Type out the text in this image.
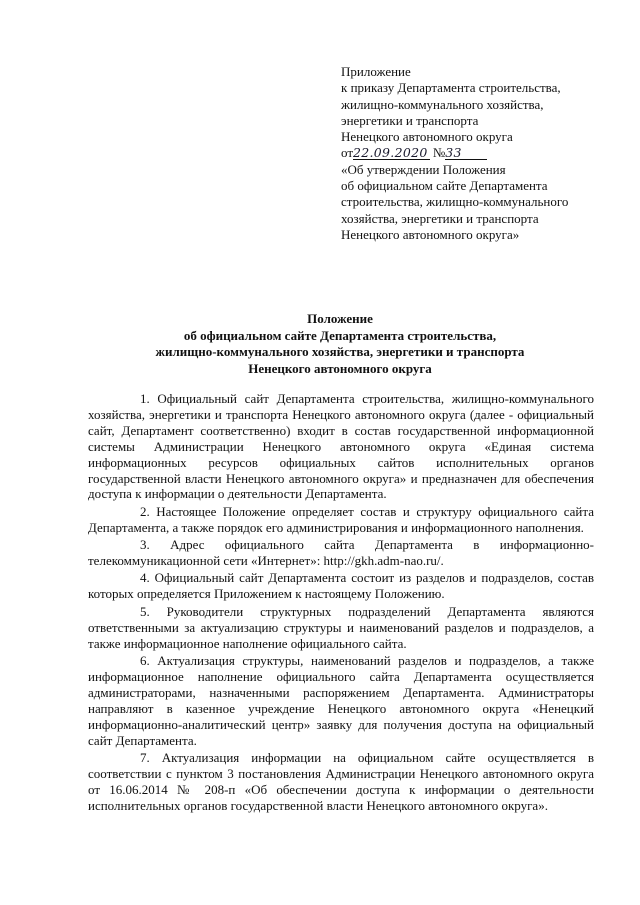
Приложение
к приказу Департамента строительства,
жилищно-коммунального хозяйства,
энергетики и транспорта
Ненецкого автономного округа
от22.09.2020 №33
«Об утверждении Положения
об официальном сайте Департамента
строительства, жилищно-коммунального
хозяйства, энергетики и транспорта
Ненецкого автономного округа»
Положение
об официальном сайте Департамента строительства,
жилищно-коммунального хозяйства, энергетики и транспорта
Ненецкого автономного округа

1. Официальный сайт Департамента строительства, жилищно-коммунального хозяйства, энергетики и транспорта Ненецкого автономного округа (далее - официальный сайт, Департамент соответственно) входит в состав государственной информационной системы Администрации Ненецкого автономного округа «Единая система информационных ресурсов официальных сайтов исполнительных органов государственной власти Ненецкого автономного округа» и предназначен для обеспечения доступа к информации о деятельности Департамента.

2. Настоящее Положение определяет состав и структуру официального сайта Департамента, а также порядок его администрирования и информационного наполнения.

3. Адрес официального сайта Департамента в информационно-телекоммуникационной сети «Интернет»: http://gkh.adm-nao.ru/.

4. Официальный сайт Департамента состоит из разделов и подразделов, состав которых определяется Приложением к настоящему Положению.

5. Руководители структурных подразделений Департамента являются ответственными за актуализацию структуры и наименований разделов и подразделов, а также информационное наполнение официального сайта.

6. Актуализация структуры, наименований разделов и подразделов, а также информационное наполнение официального сайта Департамента осуществляется администраторами, назначенными распоряжением Департамента. Администраторы направляют в казенное учреждение Ненецкого автономного округа «Ненецкий информационно-аналитический центр» заявку для получения доступа на официальный сайт Департамента.

7. Актуализация информации на официальном сайте осуществляется в соответствии с пунктом 3 постановления Администрации Ненецкого автономного округа от 16.06.2014 № 208-п «Об обеспечении доступа к информации о деятельности исполнительных органов государственной власти Ненецкого автономного округа».
